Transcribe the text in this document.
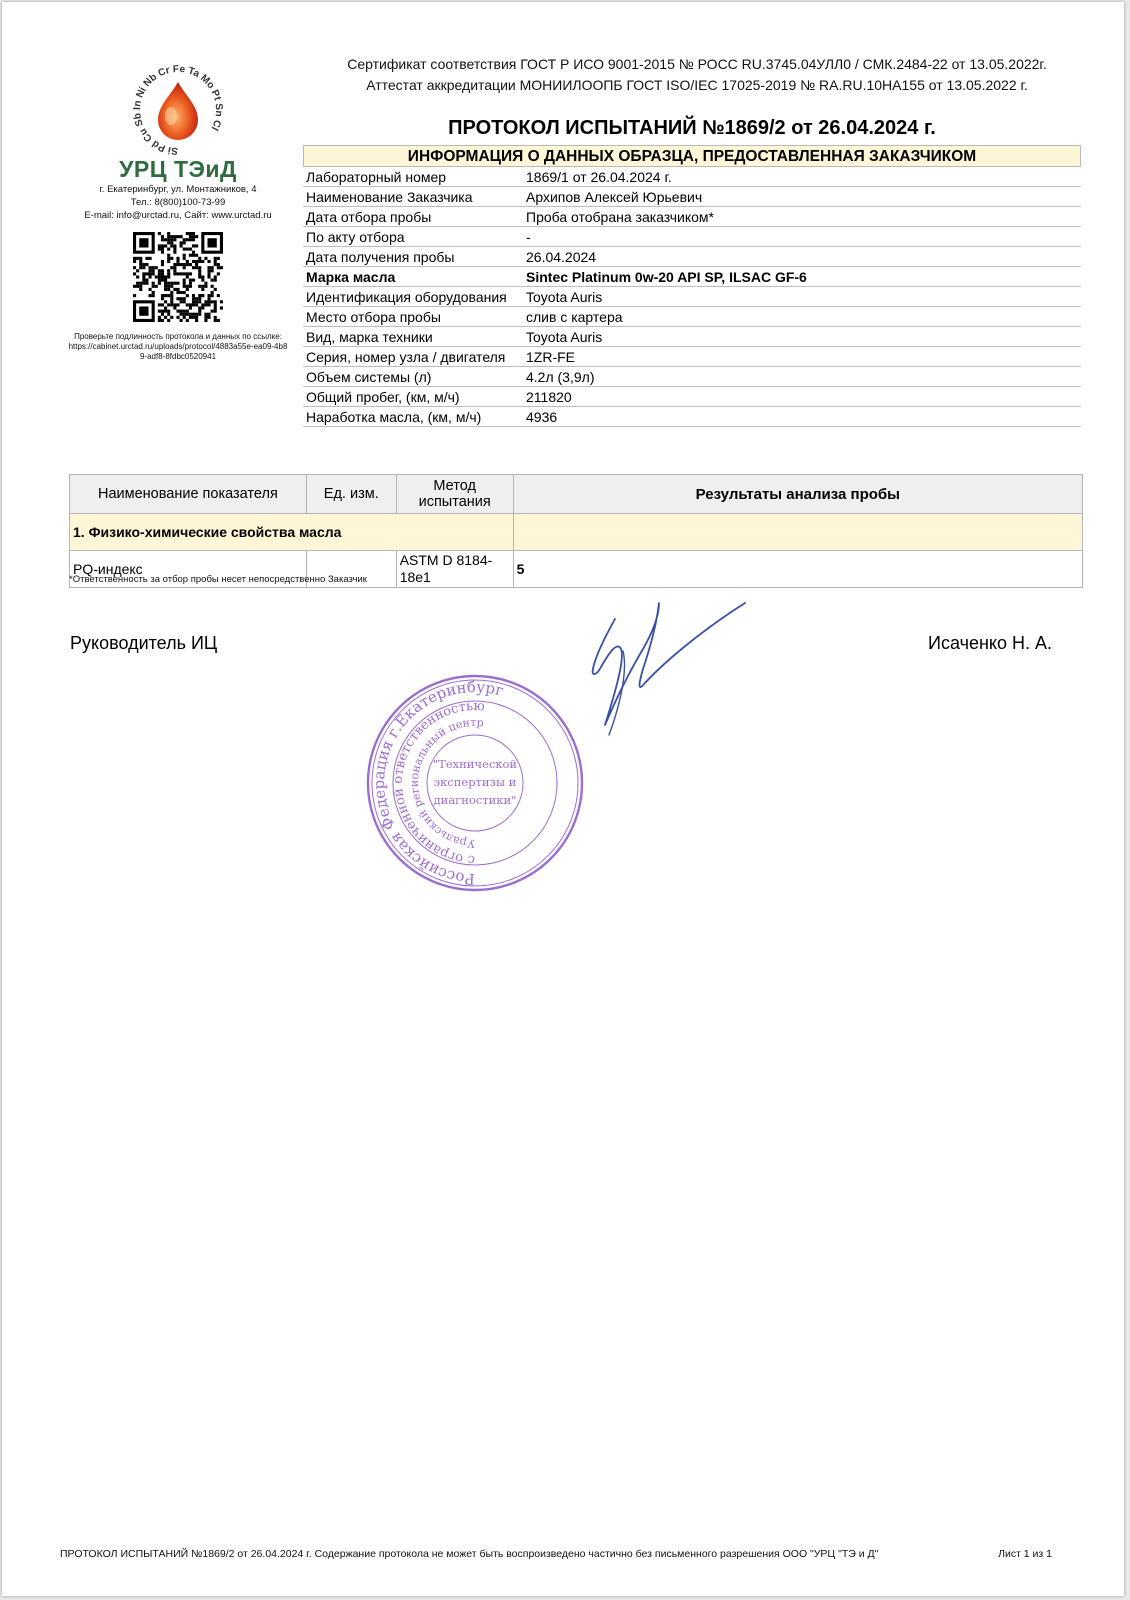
Si Pd Cu Sb In Ni Nb Cr Fe Ta Mo Pt Sn Cl
УРЦ ТЭиД
г. Екатеринбург, ул. Монтажников, 4
Тел.: 8(800)100-73-99
E-mail: info@urctad.ru, Сайт: www.urctad.ru
Проверьте подлинность протокола и данных по ссылке:
https://cabinet.urctad.ru/uploads/protocol/4883a55e-ea09-4b89-adf8-8fdbc0520941
Сертификат соответствия ГОСТ Р ИСО 9001-2015 № РОСС RU.3745.04УЛЛ0 / СМК.2484-22 от 13.05.2022г.
Аттестат аккредитации МОНИИЛООПБ ГОСТ ISO/IEC 17025-2019 № RA.RU.10НА155 от 13.05.2022 г.
ПРОТОКОЛ ИСПЫТАНИЙ №1869/2 от 26.04.2024 г.
ИНФОРМАЦИЯ О ДАННЫХ ОБРАЗЦА, ПРЕДОСТАВЛЕННАЯ ЗАКАЗЧИКОМ
Лабораторный номер	1869/1 от 26.04.2024 г.
Наименование Заказчика	Архипов Алексей Юрьевич
Дата отбора пробы	Проба отобрана заказчиком*
По акту отбора	-
Дата получения пробы	26.04.2024
Марка масла	Sintec Platinum 0w-20 API SP, ILSAC GF-6
Идентификация оборудования	Toyota Auris
Место отбора пробы	слив с картера
Вид, марка техники	Toyota Auris
Серия, номер узла / двигателя	1ZR-FE
Объем системы (л)	4.2л (3,9л)
Общий пробег, (км, м/ч)	211820
Наработка масла, (км, м/ч)	4936
Наименование показателя	Ед. изм.	Метод испытания	Результаты анализа пробы
1. Физико-химические свойства масла			
PQ-индекс		ASTM D 8184-18e1	5
*Ответственность за отбор пробы несет непосредственно Заказчик
Руководитель ИЦ	Исаченко Н. А.
Российская Федерация г.Екатеринбург
с ограниченной ответственностью
Уральский региональный центр
"Технической
экспертизы и
диагностики"
ПРОТОКОЛ ИСПЫТАНИЙ №1869/2 от 26.04.2024 г. Содержание протокола не может быть воспроизведено частично без письменного разрешения ООО "УРЦ "ТЭ и Д"	Лист 1 из 1
